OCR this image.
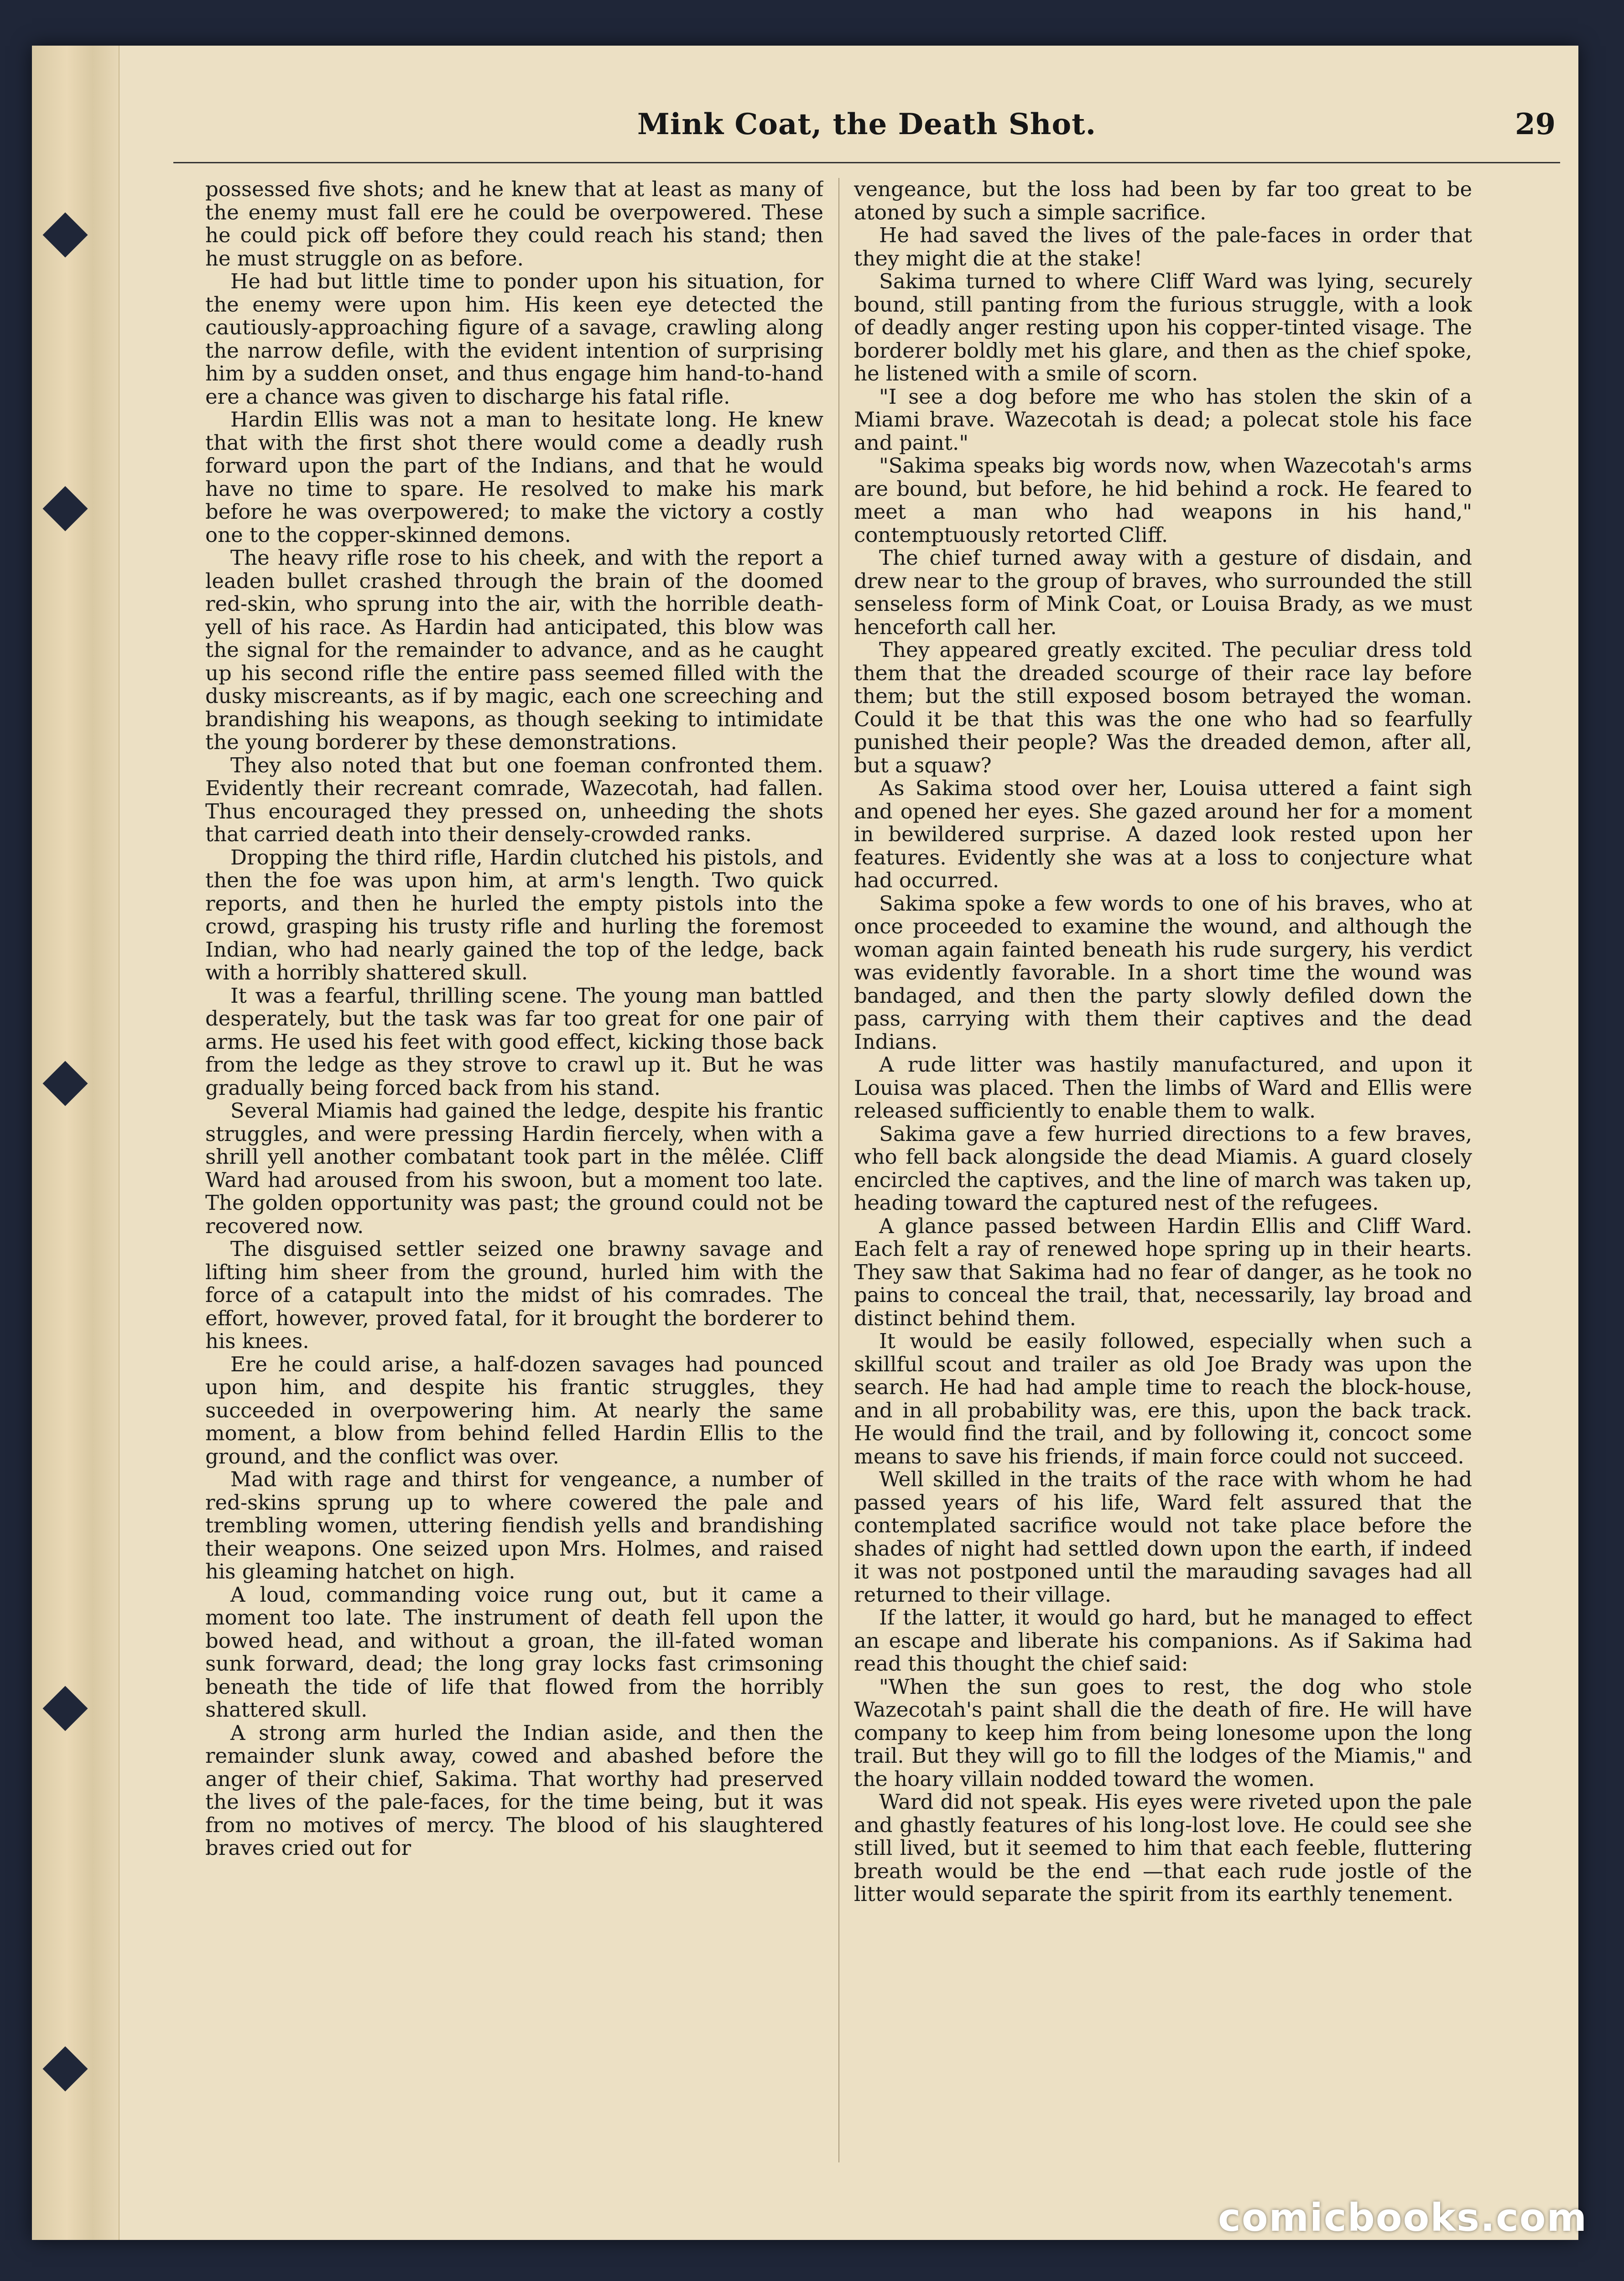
Mink Coat, the Death Shot.	29

possessed five shots; and he knew that at least as many of the enemy must fall ere he could be overpowered. These he could pick off before they could reach his stand; then he must struggle on as before.

He had but little time to ponder upon his situation, for the enemy were upon him. His keen eye detected the cautiously-approaching figure of a savage, crawling along the narrow defile, with the evident intention of surprising him by a sudden onset, and thus engage him hand-to-hand ere a chance was given to discharge his fatal rifle.

Hardin Ellis was not a man to hesitate long. He knew that with the first shot there would come a deadly rush forward upon the part of the Indians, and that he would have no time to spare. He resolved to make his mark before he was overpowered; to make the victory a costly one to the copper-skinned demons.

The heavy rifle rose to his cheek, and with the report a leaden bullet crashed through the brain of the doomed red-skin, who sprung into the air, with the horrible death-yell of his race. As Hardin had anticipated, this blow was the signal for the remainder to advance, and as he caught up his second rifle the entire pass seemed filled with the dusky miscreants, as if by magic, each one screeching and brandishing his weapons, as though seeking to intimidate the young borderer by these demonstrations.

They also noted that but one foeman confronted them. Evidently their recreant comrade, Wazecotah, had fallen. Thus encouraged they pressed on, unheeding the shots that carried death into their densely-crowded ranks.

Dropping the third rifle, Hardin clutched his pistols, and then the foe was upon him, at arm's length. Two quick reports, and then he hurled the empty pistols into the crowd, grasping his trusty rifle and hurling the foremost Indian, who had nearly gained the top of the ledge, back with a horribly shattered skull.

It was a fearful, thrilling scene. The young man battled desperately, but the task was far too great for one pair of arms. He used his feet with good effect, kicking those back from the ledge as they strove to crawl up it. But he was gradually being forced back from his stand.

Several Miamis had gained the ledge, despite his frantic struggles, and were pressing Hardin fiercely, when with a shrill yell another combatant took part in the mêlée. Cliff Ward had aroused from his swoon, but a moment too late. The golden opportunity was past; the ground could not be recovered now.

The disguised settler seized one brawny savage and lifting him sheer from the ground, hurled him with the force of a catapult into the midst of his comrades. The effort, however, proved fatal, for it brought the borderer to his knees.

Ere he could arise, a half-dozen savages had pounced upon him, and despite his frantic struggles, they succeeded in overpowering him. At nearly the same moment, a blow from behind felled Hardin Ellis to the ground, and the conflict was over.

Mad with rage and thirst for vengeance, a number of red-skins sprung up to where cowered the pale and trembling women, uttering fiendish yells and brandishing their weapons. One seized upon Mrs. Holmes, and raised his gleaming hatchet on high.

A loud, commanding voice rung out, but it came a moment too late. The instrument of death fell upon the bowed head, and without a groan, the ill-fated woman sunk forward, dead; the long gray locks fast crimsoning beneath the tide of life that flowed from the horribly shattered skull.

A strong arm hurled the Indian aside, and then the remainder slunk away, cowed and abashed before the anger of their chief, Sakima. That worthy had preserved the lives of the pale-faces, for the time being, but it was from no motives of mercy. The blood of his slaughtered braves cried out for

vengeance, but the loss had been by far too great to be atoned by such a simple sacrifice.

He had saved the lives of the pale-faces in order that they might die at the stake!

Sakima turned to where Cliff Ward was lying, securely bound, still panting from the furious struggle, with a look of deadly anger resting upon his copper-tinted visage. The borderer boldly met his glare, and then as the chief spoke, he listened with a smile of scorn.

"I see a dog before me who has stolen the skin of a Miami brave. Wazecotah is dead; a polecat stole his face and paint."

"Sakima speaks big words now, when Wazecotah's arms are bound, but before, he hid behind a rock. He feared to meet a man who had weapons in his hand," contemptuously retorted Cliff.

The chief turned away with a gesture of disdain, and drew near to the group of braves, who surrounded the still senseless form of Mink Coat, or Louisa Brady, as we must henceforth call her.

They appeared greatly excited. The peculiar dress told them that the dreaded scourge of their race lay before them; but the still exposed bosom betrayed the woman. Could it be that this was the one who had so fearfully punished their people? Was the dreaded demon, after all, but a squaw?

As Sakima stood over her, Louisa uttered a faint sigh and opened her eyes. She gazed around her for a moment in bewildered surprise. A dazed look rested upon her features. Evidently she was at a loss to conjecture what had occurred.

Sakima spoke a few words to one of his braves, who at once proceeded to examine the wound, and although the woman again fainted beneath his rude surgery, his verdict was evidently favorable. In a short time the wound was bandaged, and then the party slowly defiled down the pass, carrying with them their captives and the dead Indians.

A rude litter was hastily manufactured, and upon it Louisa was placed. Then the limbs of Ward and Ellis were released sufficiently to enable them to walk.

Sakima gave a few hurried directions to a few braves, who fell back alongside the dead Miamis. A guard closely encircled the captives, and the line of march was taken up, heading toward the captured nest of the refugees.

A glance passed between Hardin Ellis and Cliff Ward. Each felt a ray of renewed hope spring up in their hearts. They saw that Sakima had no fear of danger, as he took no pains to conceal the trail, that, necessarily, lay broad and distinct behind them.

It would be easily followed, especially when such a skillful scout and trailer as old Joe Brady was upon the search. He had had ample time to reach the block-house, and in all probability was, ere this, upon the back track. He would find the trail, and by following it, concoct some means to save his friends, if main force could not succeed.

Well skilled in the traits of the race with whom he had passed years of his life, Ward felt assured that the contemplated sacrifice would not take place before the shades of night had settled down upon the earth, if indeed it was not postponed until the marauding savages had all returned to their village.

If the latter, it would go hard, but he managed to effect an escape and liberate his companions. As if Sakima had read this thought the chief said:

"When the sun goes to rest, the dog who stole Wazecotah's paint shall die the death of fire. He will have company to keep him from being lonesome upon the long trail. But they will go to fill the lodges of the Miamis," and the hoary villain nodded toward the women.

Ward did not speak. His eyes were riveted upon the pale and ghastly features of his long-lost love. He could see she still lived, but it seemed to him that each feeble, fluttering breath would be the end —that each rude jostle of the litter would separate the spirit from its earthly tenement.

comicbooks.com
